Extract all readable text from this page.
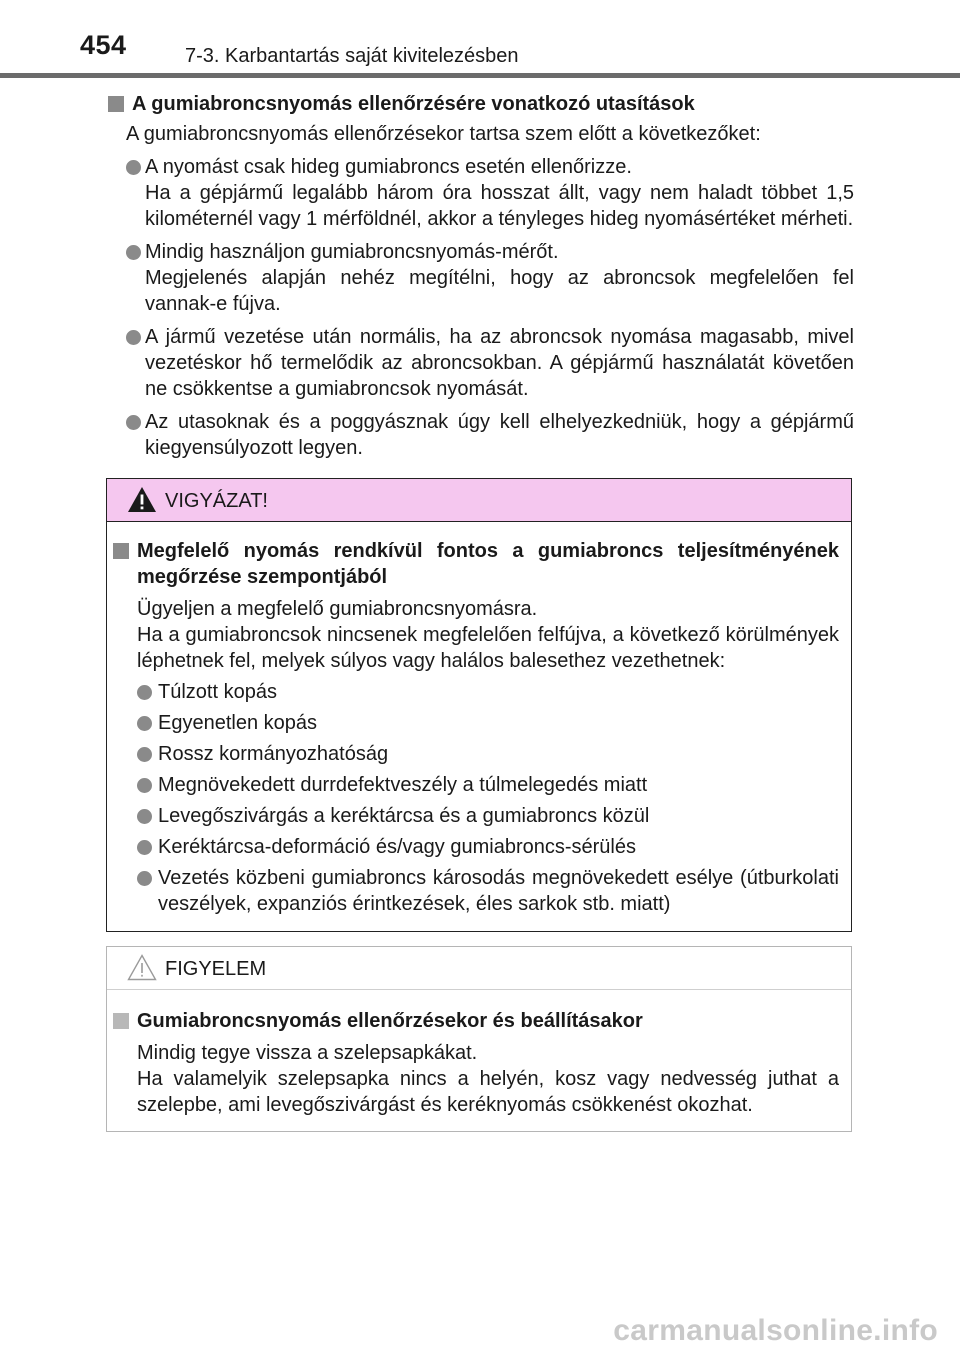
454	7-3. Karbantartás saját kivitelezésben
A gumiabroncsnyomás ellenőrzésére vonatkozó utasítások
A gumiabroncsnyomás ellenőrzésekor tartsa szem előtt a következőket:
A nyomást csak hideg gumiabroncs esetén ellenőrizze.
Ha a gépjármű legalább három óra hosszat állt, vagy nem haladt többet 1,5 kilométernél vagy 1 mérföldnél, akkor a tényleges hideg nyomásértéket mérheti.
Mindig használjon gumiabroncsnyomás-mérőt.
Megjelenés alapján nehéz megítélni, hogy az abroncsok megfelelően fel vannak-e fújva.
A jármű vezetése után normális, ha az abroncsok nyomása magasabb, mivel vezetéskor hő termelődik az abroncsokban. A gépjármű használatát követően ne csökkentse a gumiabroncsok nyomását.
Az utasoknak és a poggyásznak úgy kell elhelyezkedniük, hogy a gépjármű kiegyensúlyozott legyen.
VIGYÁZAT!
Megfelelő nyomás rendkívül fontos a gumiabroncs teljesítményének megőrzése szempontjából
Ügyeljen a megfelelő gumiabroncsnyomásra.
Ha a gumiabroncsok nincsenek megfelelően felfújva, a következő körülmények léphetnek fel, melyek súlyos vagy halálos balesethez vezethetnek:
Túlzott kopás
Egyenetlen kopás
Rossz kormányozhatóság
Megnövekedett durrdefektveszély a túlmelegedés miatt
Levegőszivárgás a keréktárcsa és a gumiabroncs közül
Keréktárcsa-deformáció és/vagy gumiabroncs-sérülés
Vezetés közbeni gumiabroncs károsodás megnövekedett esélye (útburkolati veszélyek, expanziós érintkezések, éles sarkok stb. miatt)
FIGYELEM
Gumiabroncsnyomás ellenőrzésekor és beállításakor
Mindig tegye vissza a szelepsapkákat.
Ha valamelyik szelepsapka nincs a helyén, kosz vagy nedvesség juthat a szelepbe, ami levegőszivárgást és keréknyomás csökkenést okozhat.
carmanualsonline.info
